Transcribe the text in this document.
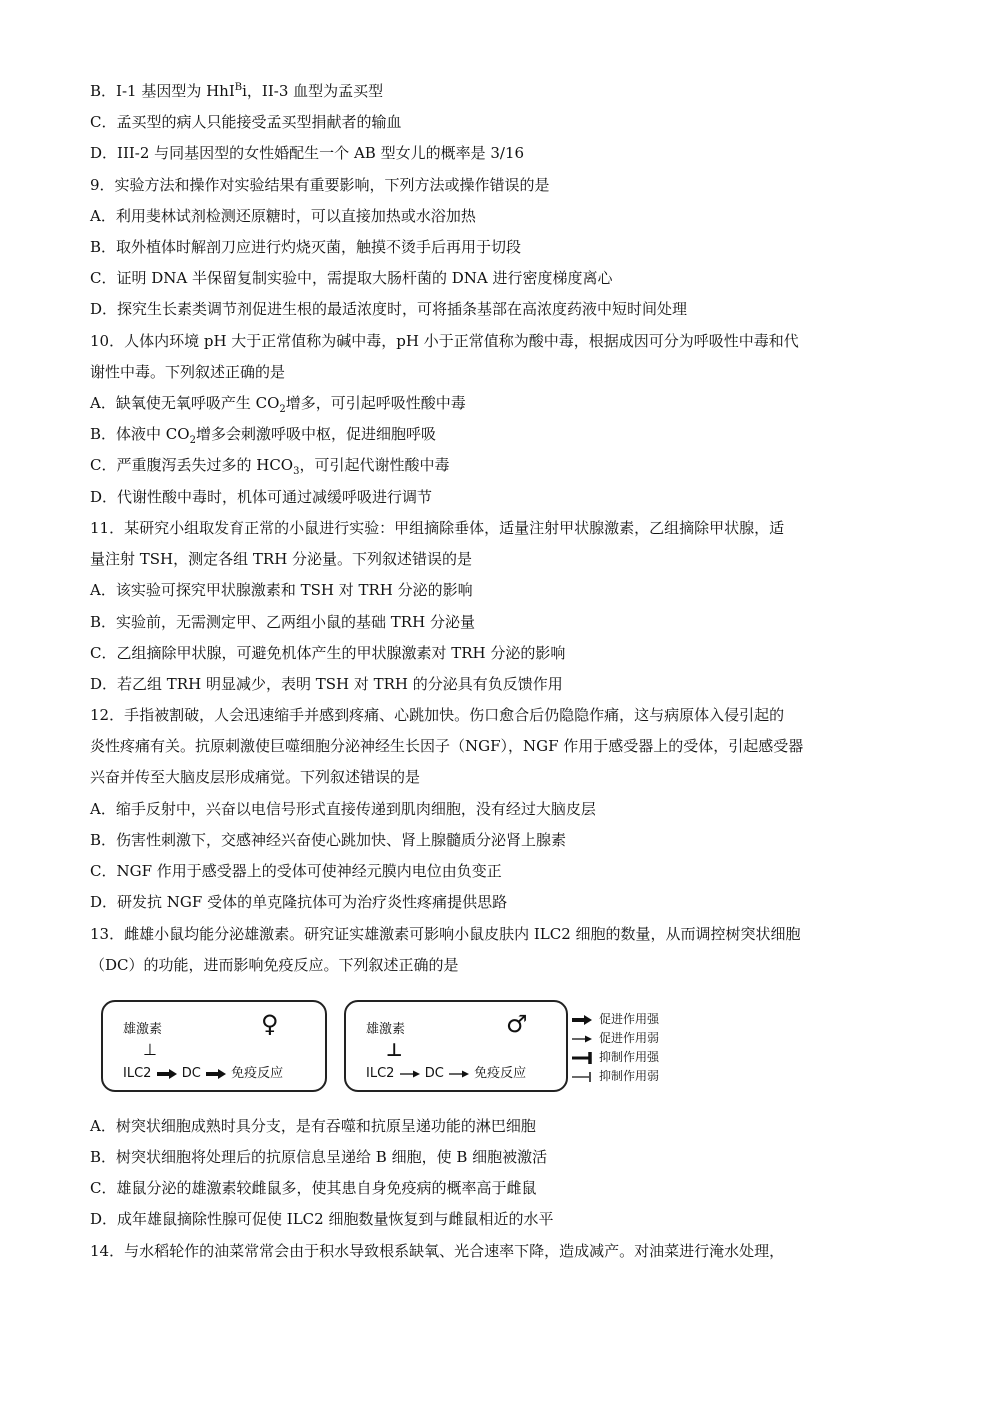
B．I-1 基因型为 HhI$^B$i，II-3 血型为孟买型
C．孟买型的病人只能接受孟买型捐献者的输血
D．III-2 与同基因型的女性婚配生一个 AB 型女儿的概率是 3/16
9．实验方法和操作对实验结果有重要影响，下列方法或操作错误的是
A．利用斐林试剂检测还原糖时，可以直接加热或水浴加热
B．取外植体时解剖刀应进行灼烧灭菌，触摸不烫手后再用于切段
C．证明 DNA 半保留复制实验中，需提取大肠杆菌的 DNA 进行密度梯度离心
D．探究生长素类调节剂促进生根的最适浓度时，可将插条基部在高浓度药液中短时间处理
10．人体内环境 pH 大于正常值称为碱中毒，pH 小于正常值称为酸中毒，根据成因可分为呼吸性中毒和代
谢性中毒。下列叙述正确的是
A．缺氧使无氧呼吸产生 $CO_2$增多，可引起呼吸性酸中毒
B．体液中 $CO_2$增多会刺激呼吸中枢，促进细胞呼吸
C．严重腹泻丢失过多的 $HCO_3$，可引起代谢性酸中毒
D．代谢性酸中毒时，机体可通过减缓呼吸进行调节
11．某研究小组取发育正常的小鼠进行实验：甲组摘除垂体，适量注射甲状腺激素，乙组摘除甲状腺，适
量注射 TSH，测定各组 TRH 分泌量。下列叙述错误的是
A．该实验可探究甲状腺激素和 TSH 对 TRH 分泌的影响
B．实验前，无需测定甲、乙两组小鼠的基础 TRH 分泌量
C．乙组摘除甲状腺，可避免机体产生的甲状腺激素对 TRH 分泌的影响
D．若乙组 TRH 明显减少，表明 TSH 对 TRH 的分泌具有负反馈作用
12．手指被割破，人会迅速缩手并感到疼痛、心跳加快。伤口愈合后仍隐隐作痛，这与病原体入侵引起的
炎性疼痛有关。抗原刺激使巨噬细胞分泌神经生长因子（NGF），NGF 作用于感受器上的受体，引起感受器
兴奋并传至大脑皮层形成痛觉。下列叙述错误的是
A．缩手反射中，兴奋以电信号形式直接传递到肌肉细胞，没有经过大脑皮层
B．伤害性刺激下，交感神经兴奋使心跳加快、肾上腺髓质分泌肾上腺素
C．NGF 作用于感受器上的受体可使神经元膜内电位由负变正
D．研发抗 NGF 受体的单克隆抗体可为治疗炎性疼痛提供思路
13．雌雄小鼠均能分泌雄激素。研究证实雄激素可影响小鼠皮肤内 ILC2 细胞的数量，从而调控树突状细胞
（DC）的功能，进而影响免疫反应。下列叙述正确的是
雄激素	♀
⊥
ILC2 DC 免疫反应
雄激素	♂
⊥
ILC2 DC 免疫反应
促进作用强
促进作用弱
抑制作用强
抑制作用弱
A．树突状细胞成熟时具分支，是有吞噬和抗原呈递功能的淋巴细胞
B．树突状细胞将处理后的抗原信息呈递给 B 细胞，使 B 细胞被激活
C．雄鼠分泌的雄激素较雌鼠多，使其患自身免疫病的概率高于雌鼠
D．成年雄鼠摘除性腺可促使 ILC2 细胞数量恢复到与雌鼠相近的水平
14．与水稻轮作的油菜常常会由于积水导致根系缺氧、光合速率下降，造成减产。对油菜进行淹水处理，
